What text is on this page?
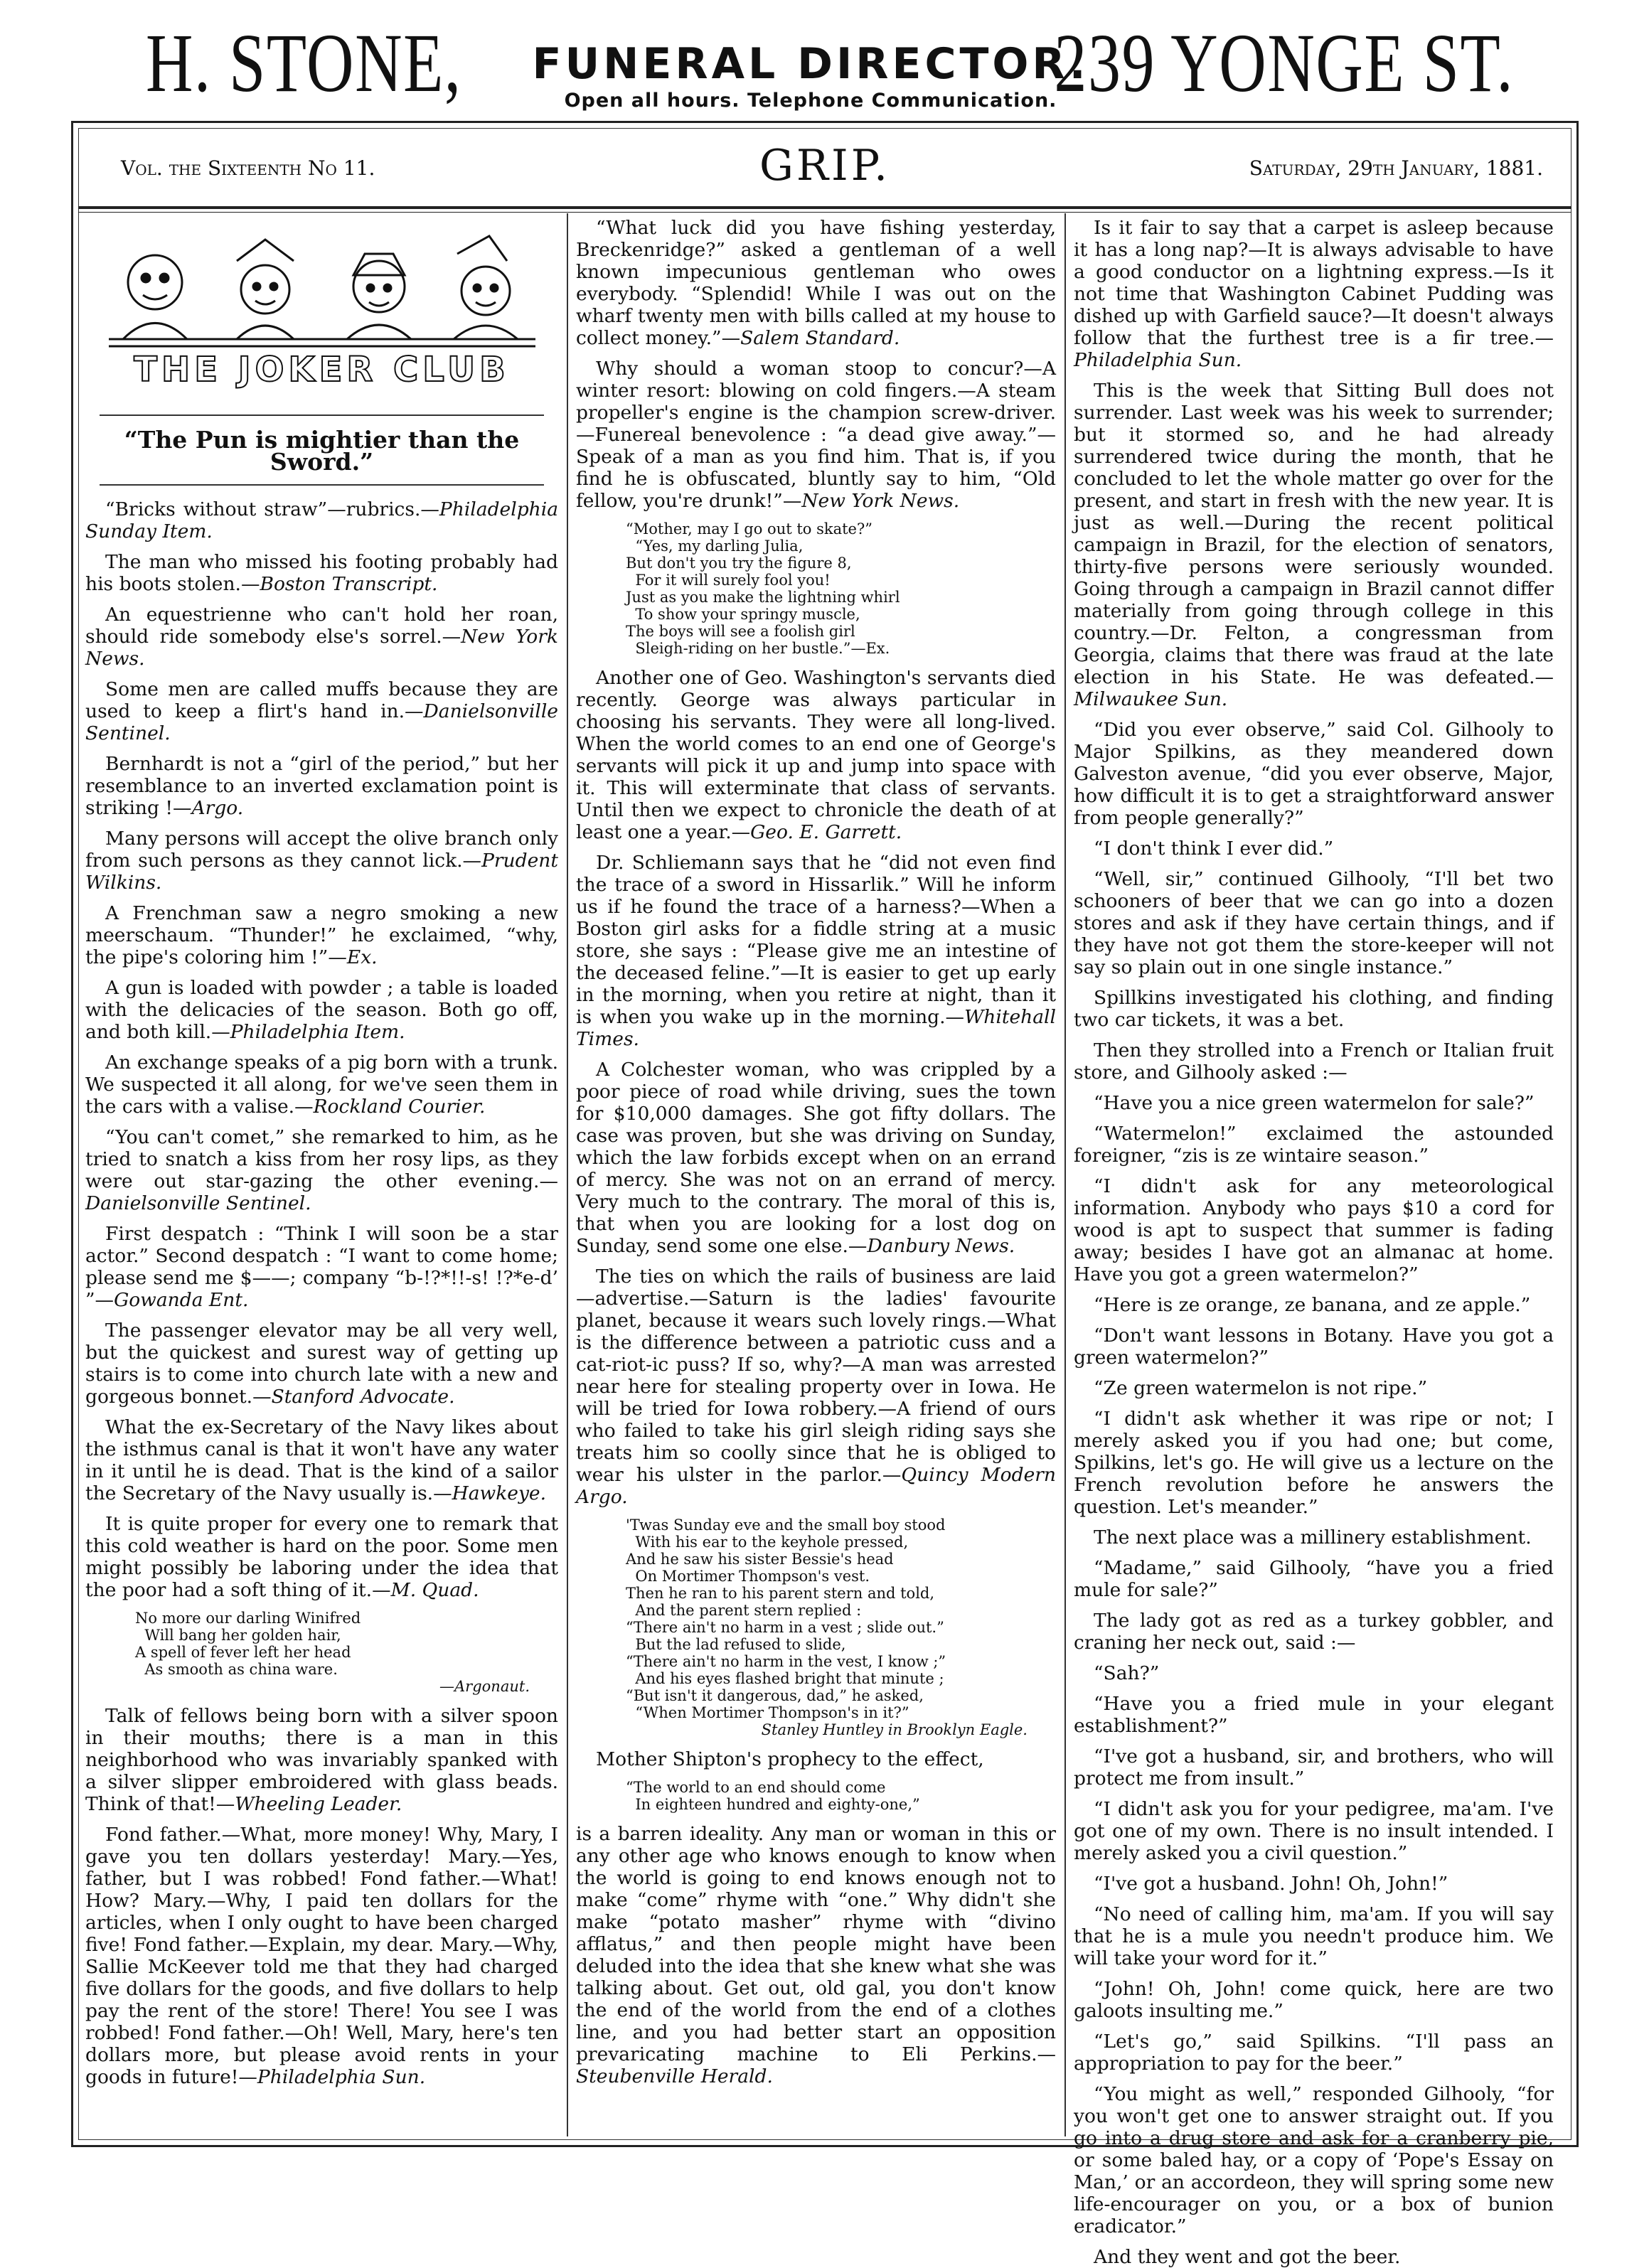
H. STONE,	FUNERAL DIRECTOR.
Open all hours. Telephone Communication.
239 YONGE ST.
Vol. the Sixteenth No 11.	GRIP.	Saturday, 29th January, 1881.
THE JOKER CLUB
“The Pun is mightier than the Sword.”

“Bricks without straw”—rubrics.—Philadelphia Sunday Item.

The man who missed his footing probably had his boots stolen.—Boston Transcript.

An equestrienne who can't hold her roan, should ride somebody else's sorrel.—New York News.

Some men are called muffs because they are used to keep a flirt's hand in.—Danielsonville Sentinel.

Bernhardt is not a “girl of the period,” but her resemblance to an inverted exclamation point is striking !—Argo.

Many persons will accept the olive branch only from such persons as they cannot lick.—Prudent Wilkins.

A Frenchman saw a negro smoking a new meerschaum. “Thunder!” he exclaimed, “why, the pipe's coloring him !”—Ex.

A gun is loaded with powder ; a table is loaded with the delicacies of the season. Both go off, and both kill.—Philadelphia Item.

An exchange speaks of a pig born with a trunk. We suspected it all along, for we've seen them in the cars with a valise.—Rockland Courier.

“You can't comet,” she remarked to him, as he tried to snatch a kiss from her rosy lips, as they were out star-gazing the other evening.—Danielsonville Sentinel.

First despatch : “Think I will soon be a star actor.” Second despatch : “I want to come home; please send me $——; company “b-!?*!!-s! !?*e-d’ ”—Gowanda Ent.

The passenger elevator may be all very well, but the quickest and surest way of getting up stairs is to come into church late with a new and gorgeous bonnet.—Stanford Advocate.

What the ex-Secretary of the Navy likes about the isthmus canal is that it won't have any water in it until he is dead. That is the kind of a sailor the Secretary of the Navy usually is.—Hawkeye.

It is quite proper for every one to remark that this cold weather is hard on the poor. Some men might possibly be laboring under the idea that the poor had a soft thing of it.—M. Quad.

No more our darling Winifred
Will bang her golden hair,
A spell of fever left her head
As smooth as china ware.
—Argonaut.

Talk of fellows being born with a silver spoon in their mouths; there is a man in this neighborhood who was invariably spanked with a silver slipper embroidered with glass beads. Think of that!—Wheeling Leader.

Fond father.—What, more money! Why, Mary, I gave you ten dollars yesterday! Mary.—Yes, father, but I was robbed! Fond father.—What! How? Mary.—Why, I paid ten dollars for the articles, when I only ought to have been charged five! Fond father.—Explain, my dear. Mary.—Why, Sallie McKeever told me that they had charged five dollars for the goods, and five dollars to help pay the rent of the store! There! You see I was robbed! Fond father.—Oh! Well, Mary, here's ten dollars more, but please avoid rents in your goods in future!—Philadelphia Sun.

“What luck did you have fishing yesterday, Breckenridge?” asked a gentleman of a well known impecunious gentleman who owes everybody. “Splendid! While I was out on the wharf twenty men with bills called at my house to collect money.”—Salem Standard.

Why should a woman stoop to concur?—A winter resort: blowing on cold fingers.—A steam propeller's engine is the champion screw-driver.—Funereal benevolence : “a dead give away.”—Speak of a man as you find him. That is, if you find he is obfuscated, bluntly say to him, “Old fellow, you're drunk!”—New York News.

“Mother, may I go out to skate?”
“Yes, my darling Julia,
But don't you try the figure 8,
For it will surely fool you!
Just as you make the lightning whirl
To show your springy muscle,
The boys will see a foolish girl
Sleigh-riding on her bustle.”—Ex.

Another one of Geo. Washington's servants died recently. George was always particular in choosing his servants. They were all long-lived. When the world comes to an end one of George's servants will pick it up and jump into space with it. This will exterminate that class of servants. Until then we expect to chronicle the death of at least one a year.—Geo. E. Garrett.

Dr. Schliemann says that he “did not even find the trace of a sword in Hissarlik.” Will he inform us if he found the trace of a harness?—When a Boston girl asks for a fiddle string at a music store, she says : “Please give me an intestine of the deceased feline.”—It is easier to get up early in the morning, when you retire at night, than it is when you wake up in the morning.—Whitehall Times.

A Colchester woman, who was crippled by a poor piece of road while driving, sues the town for $10,000 damages. She got fifty dollars. The case was proven, but she was driving on Sunday, which the law forbids except when on an errand of mercy. She was not on an errand of mercy. Very much to the contrary. The moral of this is, that when you are looking for a lost dog on Sunday, send some one else.—Danbury News.

The ties on which the rails of business are laid—advertise.—Saturn is the ladies' favourite planet, because it wears such lovely rings.—What is the difference between a patriotic cuss and a cat-riot-ic puss? If so, why?—A man was arrested near here for stealing property over in Iowa. He will be tried for Iowa robbery.—A friend of ours who failed to take his girl sleigh riding says she treats him so coolly since that he is obliged to wear his ulster in the parlor.—Quincy Modern Argo.

'Twas Sunday eve and the small boy stood
With his ear to the keyhole pressed,
And he saw his sister Bessie's head
On Mortimer Thompson's vest.
Then he ran to his parent stern and told,
And the parent stern replied :
“There ain't no harm in a vest ; slide out.”
But the lad refused to slide,
“There ain't no harm in the vest, I know ;”
And his eyes flashed bright that minute ;
“But isn't it dangerous, dad,” he asked,
“When Mortimer Thompson's in it?”
Stanley Huntley in Brooklyn Eagle.

Mother Shipton's prophecy to the effect,

“The world to an end should come
In eighteen hundred and eighty-one,”

is a barren ideality. Any man or woman in this or any other age who knows enough to know when the world is going to end knows enough not to make “come” rhyme with “one.” Why didn't she make “potato masher” rhyme with “divino afflatus,” and then people might have been deluded into the idea that she knew what she was talking about. Get out, old gal, you don't know the end of the world from the end of a clothes line, and you had better start an opposition prevaricating machine to Eli Perkins.—Steubenville Herald.

Is it fair to say that a carpet is asleep because it has a long nap?—It is always advisable to have a good conductor on a lightning express.—Is it not time that Washington Cabinet Pudding was dished up with Garfield sauce?—It doesn't always follow that the furthest tree is a fir tree.—Philadelphia Sun.

This is the week that Sitting Bull does not surrender. Last week was his week to surrender; but it stormed so, and he had already surrendered twice during the month, that he concluded to let the whole matter go over for the present, and start in fresh with the new year. It is just as well.—During the recent political campaign in Brazil, for the election of senators, thirty-five persons were seriously wounded. Going through a campaign in Brazil cannot differ materially from going through college in this country.—Dr. Felton, a congressman from Georgia, claims that there was fraud at the late election in his State. He was defeated.—Milwaukee Sun.

“Did you ever observe,” said Col. Gilhooly to Major Spilkins, as they meandered down Galveston avenue, “did you ever observe, Major, how difficult it is to get a straightforward answer from people generally?”

“I don't think I ever did.”

“Well, sir,” continued Gilhooly, “I'll bet two schooners of beer that we can go into a dozen stores and ask if they have certain things, and if they have not got them the store-keeper will not say so plain out in one single instance.”

Spillkins investigated his clothing, and finding two car tickets, it was a bet.

Then they strolled into a French or Italian fruit store, and Gilhooly asked :—

“Have you a nice green watermelon for sale?”

“Watermelon!” exclaimed the astounded foreigner, “zis is ze wintaire season.”

“I didn't ask for any meteorological information. Anybody who pays $10 a cord for wood is apt to suspect that summer is fading away; besides I have got an almanac at home. Have you got a green watermelon?”

“Here is ze orange, ze banana, and ze apple.”

“Don't want lessons in Botany. Have you got a green watermelon?”

“Ze green watermelon is not ripe.”

“I didn't ask whether it was ripe or not; I merely asked you if you had one; but come, Spilkins, let's go. He will give us a lecture on the French revolution before he answers the question. Let's meander.”

The next place was a millinery establishment.

“Madame,” said Gilhooly, “have you a fried mule for sale?”

The lady got as red as a turkey gobbler, and craning her neck out, said :—

“Sah?”

“Have you a fried mule in your elegant establishment?”

“I've got a husband, sir, and brothers, who will protect me from insult.”

“I didn't ask you for your pedigree, ma'am. I've got one of my own. There is no insult intended. I merely asked you a civil question.”

“I've got a husband. John! Oh, John!”

“No need of calling him, ma'am. If you will say that he is a mule you needn't produce him. We will take your word for it.”

“John! Oh, John! come quick, here are two galoots insulting me.”

“Let's go,” said Spilkins. “I'll pass an appropriation to pay for the beer.”

“You might as well,” responded Gilhooly, “for you won't get one to answer straight out. If you go into a drug store and ask for a cranberry pie, or some baled hay, or a copy of ‘Pope's Essay on Man,’ or an accordeon, they will spring some new life-encourager on you, or a box of bunion eradicator.”

And they went and got the beer.
